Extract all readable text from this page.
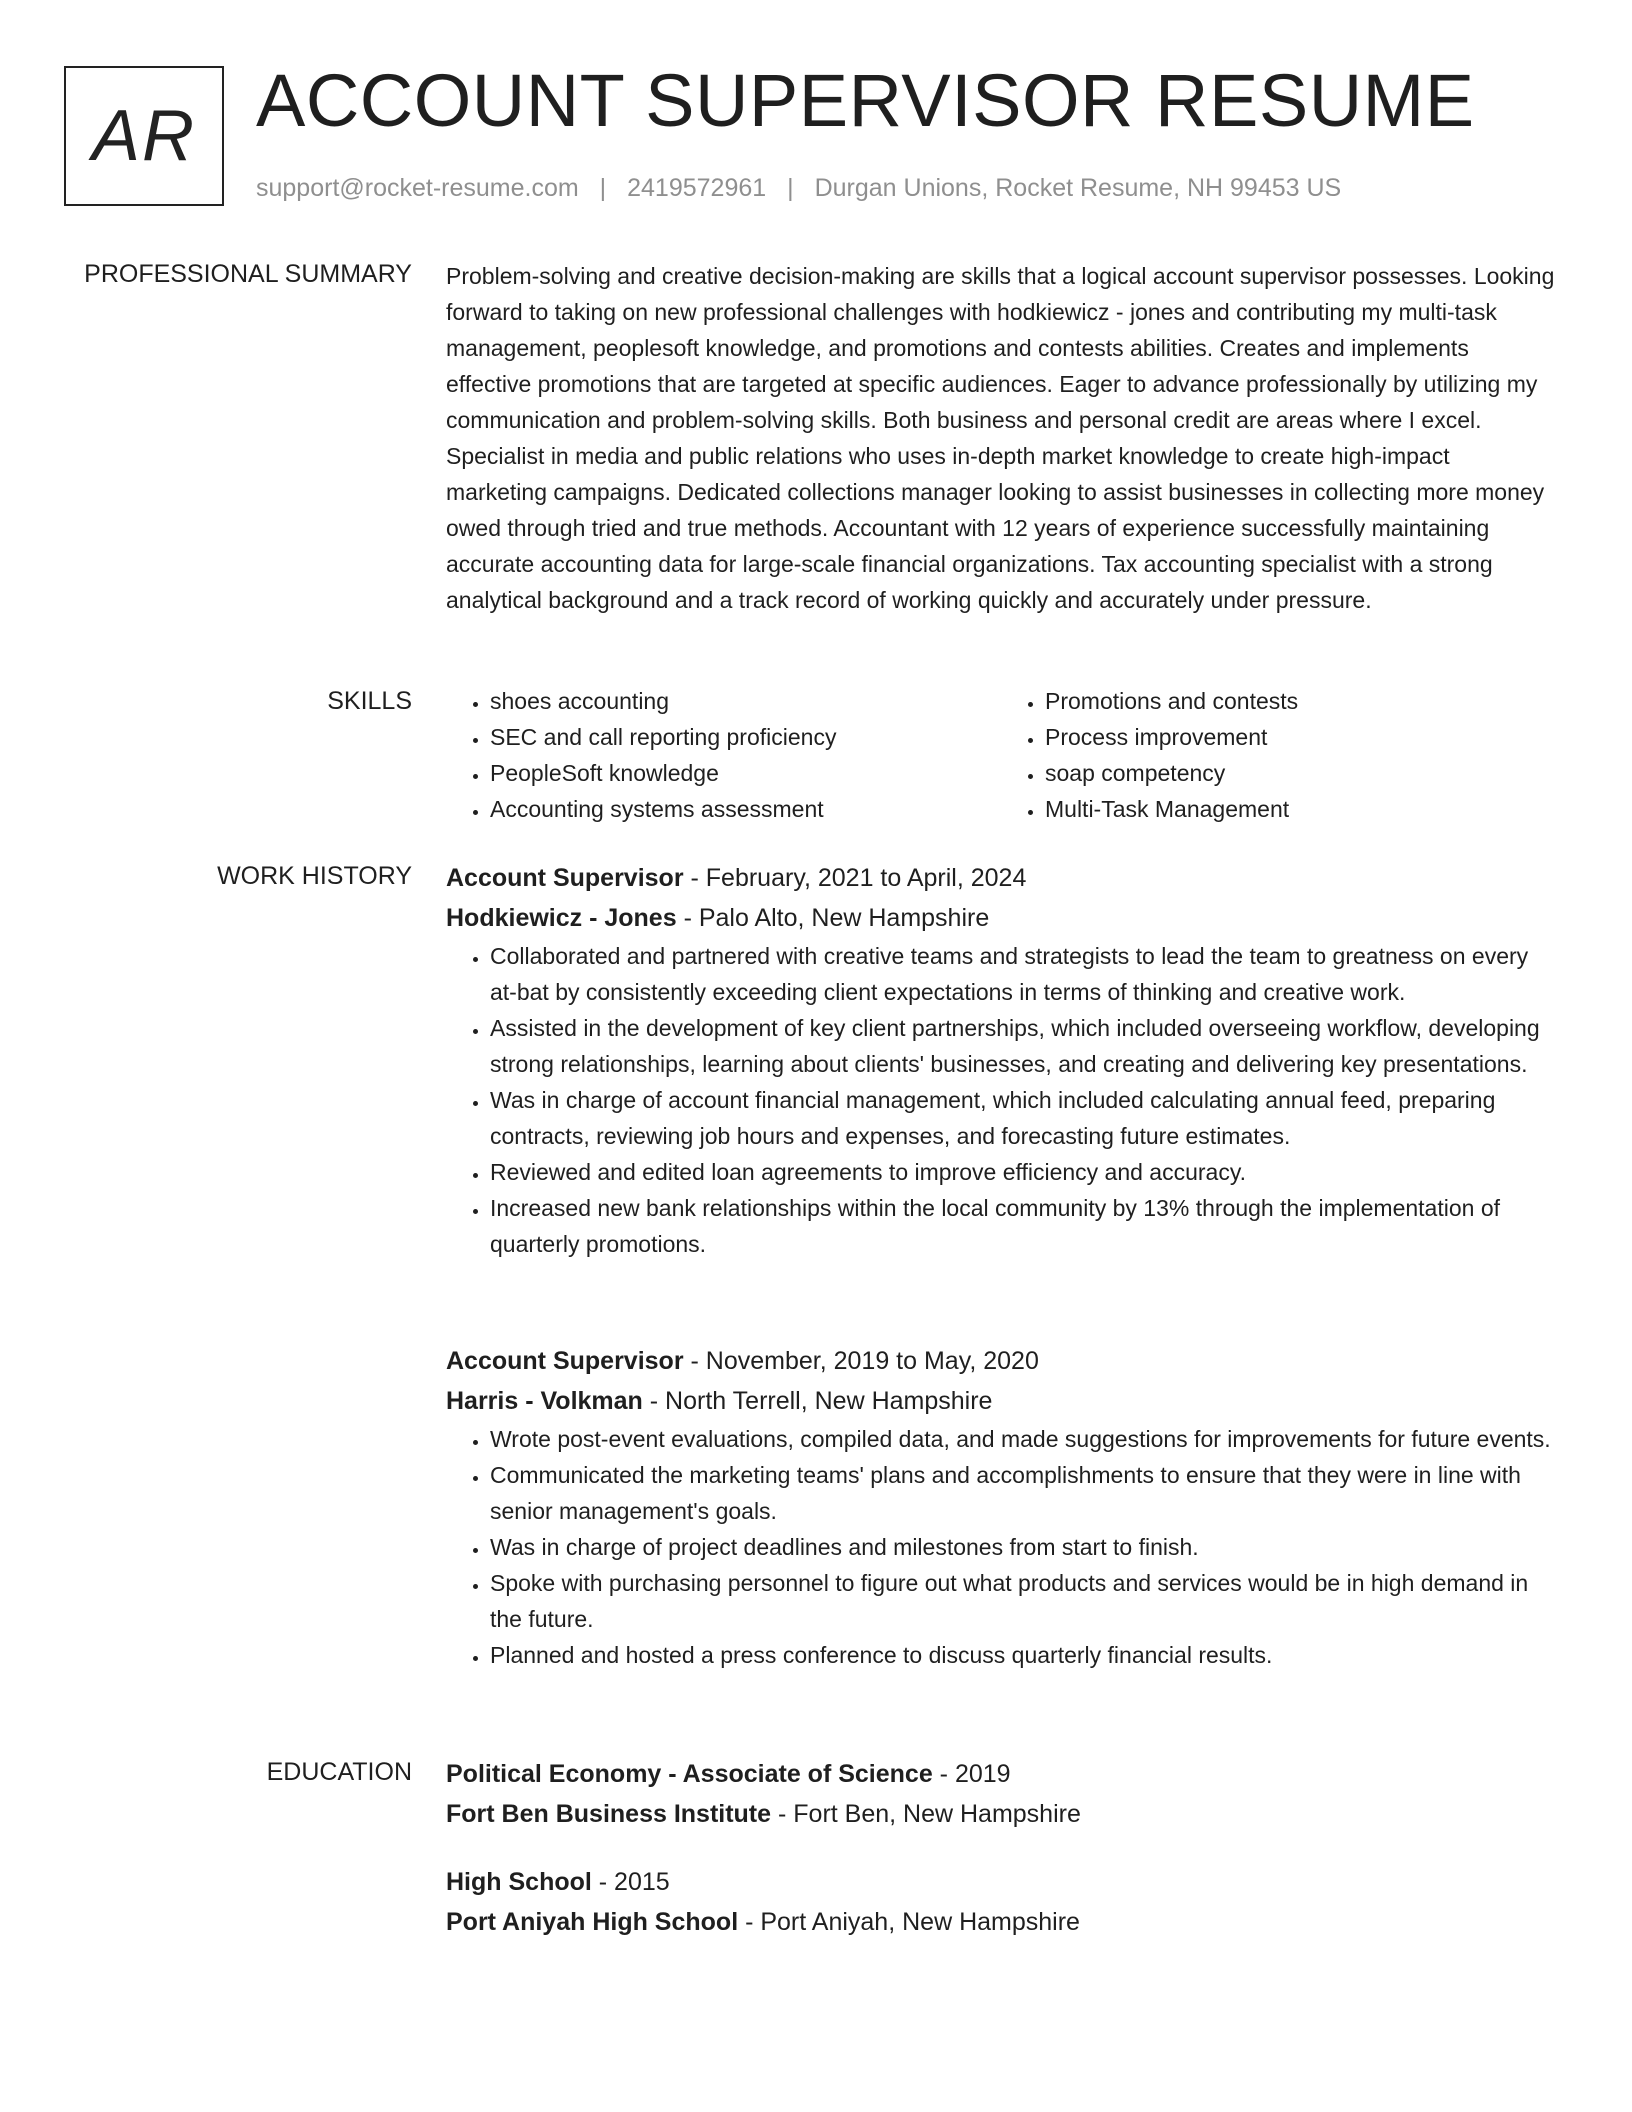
AR ACCOUNT SUPERVISOR RESUME
support@rocket-resume.com | 2419572961 | Durgan Unions, Rocket Resume, NH 99453 US
PROFESSIONAL SUMMARY Problem-solving and creative decision-making are skills that a logical account supervisor possesses. Looking forward to taking on new professional challenges with hodkiewicz - jones and contributing my multi-task management, peoplesoft knowledge, and promotions and contests abilities. Creates and implements effective promotions that are targeted at specific audiences. Eager to advance professionally by utilizing my communication and problem-solving skills. Both business and personal credit are areas where I excel. Specialist in media and public relations who uses in-depth market knowledge to create high-impact marketing campaigns. Dedicated collections manager looking to assist businesses in collecting more money owed through tried and true methods. Accountant with 12 years of experience successfully maintaining accurate accounting data for large-scale financial organizations. Tax accounting specialist with a strong analytical background and a track record of working quickly and accurately under pressure.

SKILLS
•	shoes accounting
• SEC and call reporting proficiency
• PeopleSoft knowledge
• Accounting systems assessment
• Promotions and contests
• Process improvement
• soap competency
• Multi-Task Management
WORK HISTORY Account Supervisor - February, 2021 to April, 2024
Hodkiewicz - Jones - Palo Alto, New Hampshire
• Collaborated and partnered with creative teams and strategists to lead the team to greatness on every at-bat by consistently exceeding client expectations in terms of thinking and creative work.
• Assisted in the development of key client partnerships, which included overseeing workflow, developing strong relationships, learning about clients' businesses, and creating and delivering key presentations.
• Was in charge of account financial management, which included calculating annual feed, preparing contracts, reviewing job hours and expenses, and forecasting future estimates.
• Reviewed and edited loan agreements to improve efficiency and accuracy.
• Increased new bank relationships within the local community by 13% through the implementation of quarterly promotions.
Account Supervisor - November, 2019 to May, 2020
Harris - Volkman - North Terrell, New Hampshire
• Wrote post-event evaluations, compiled data, and made suggestions for improvements for future events.
• Communicated the marketing teams' plans and accomplishments to ensure that they were in line with senior management's goals.
• Was in charge of project deadlines and milestones from start to finish.
• Spoke with purchasing personnel to figure out what products and services would be in high demand in the future.
• Planned and hosted a press conference to discuss quarterly financial results.
EDUCATION Political Economy - Associate of Science - 2019
Fort Ben Business Institute - Fort Ben, New Hampshire
High School - 2015
Port Aniyah High School - Port Aniyah, New Hampshire
